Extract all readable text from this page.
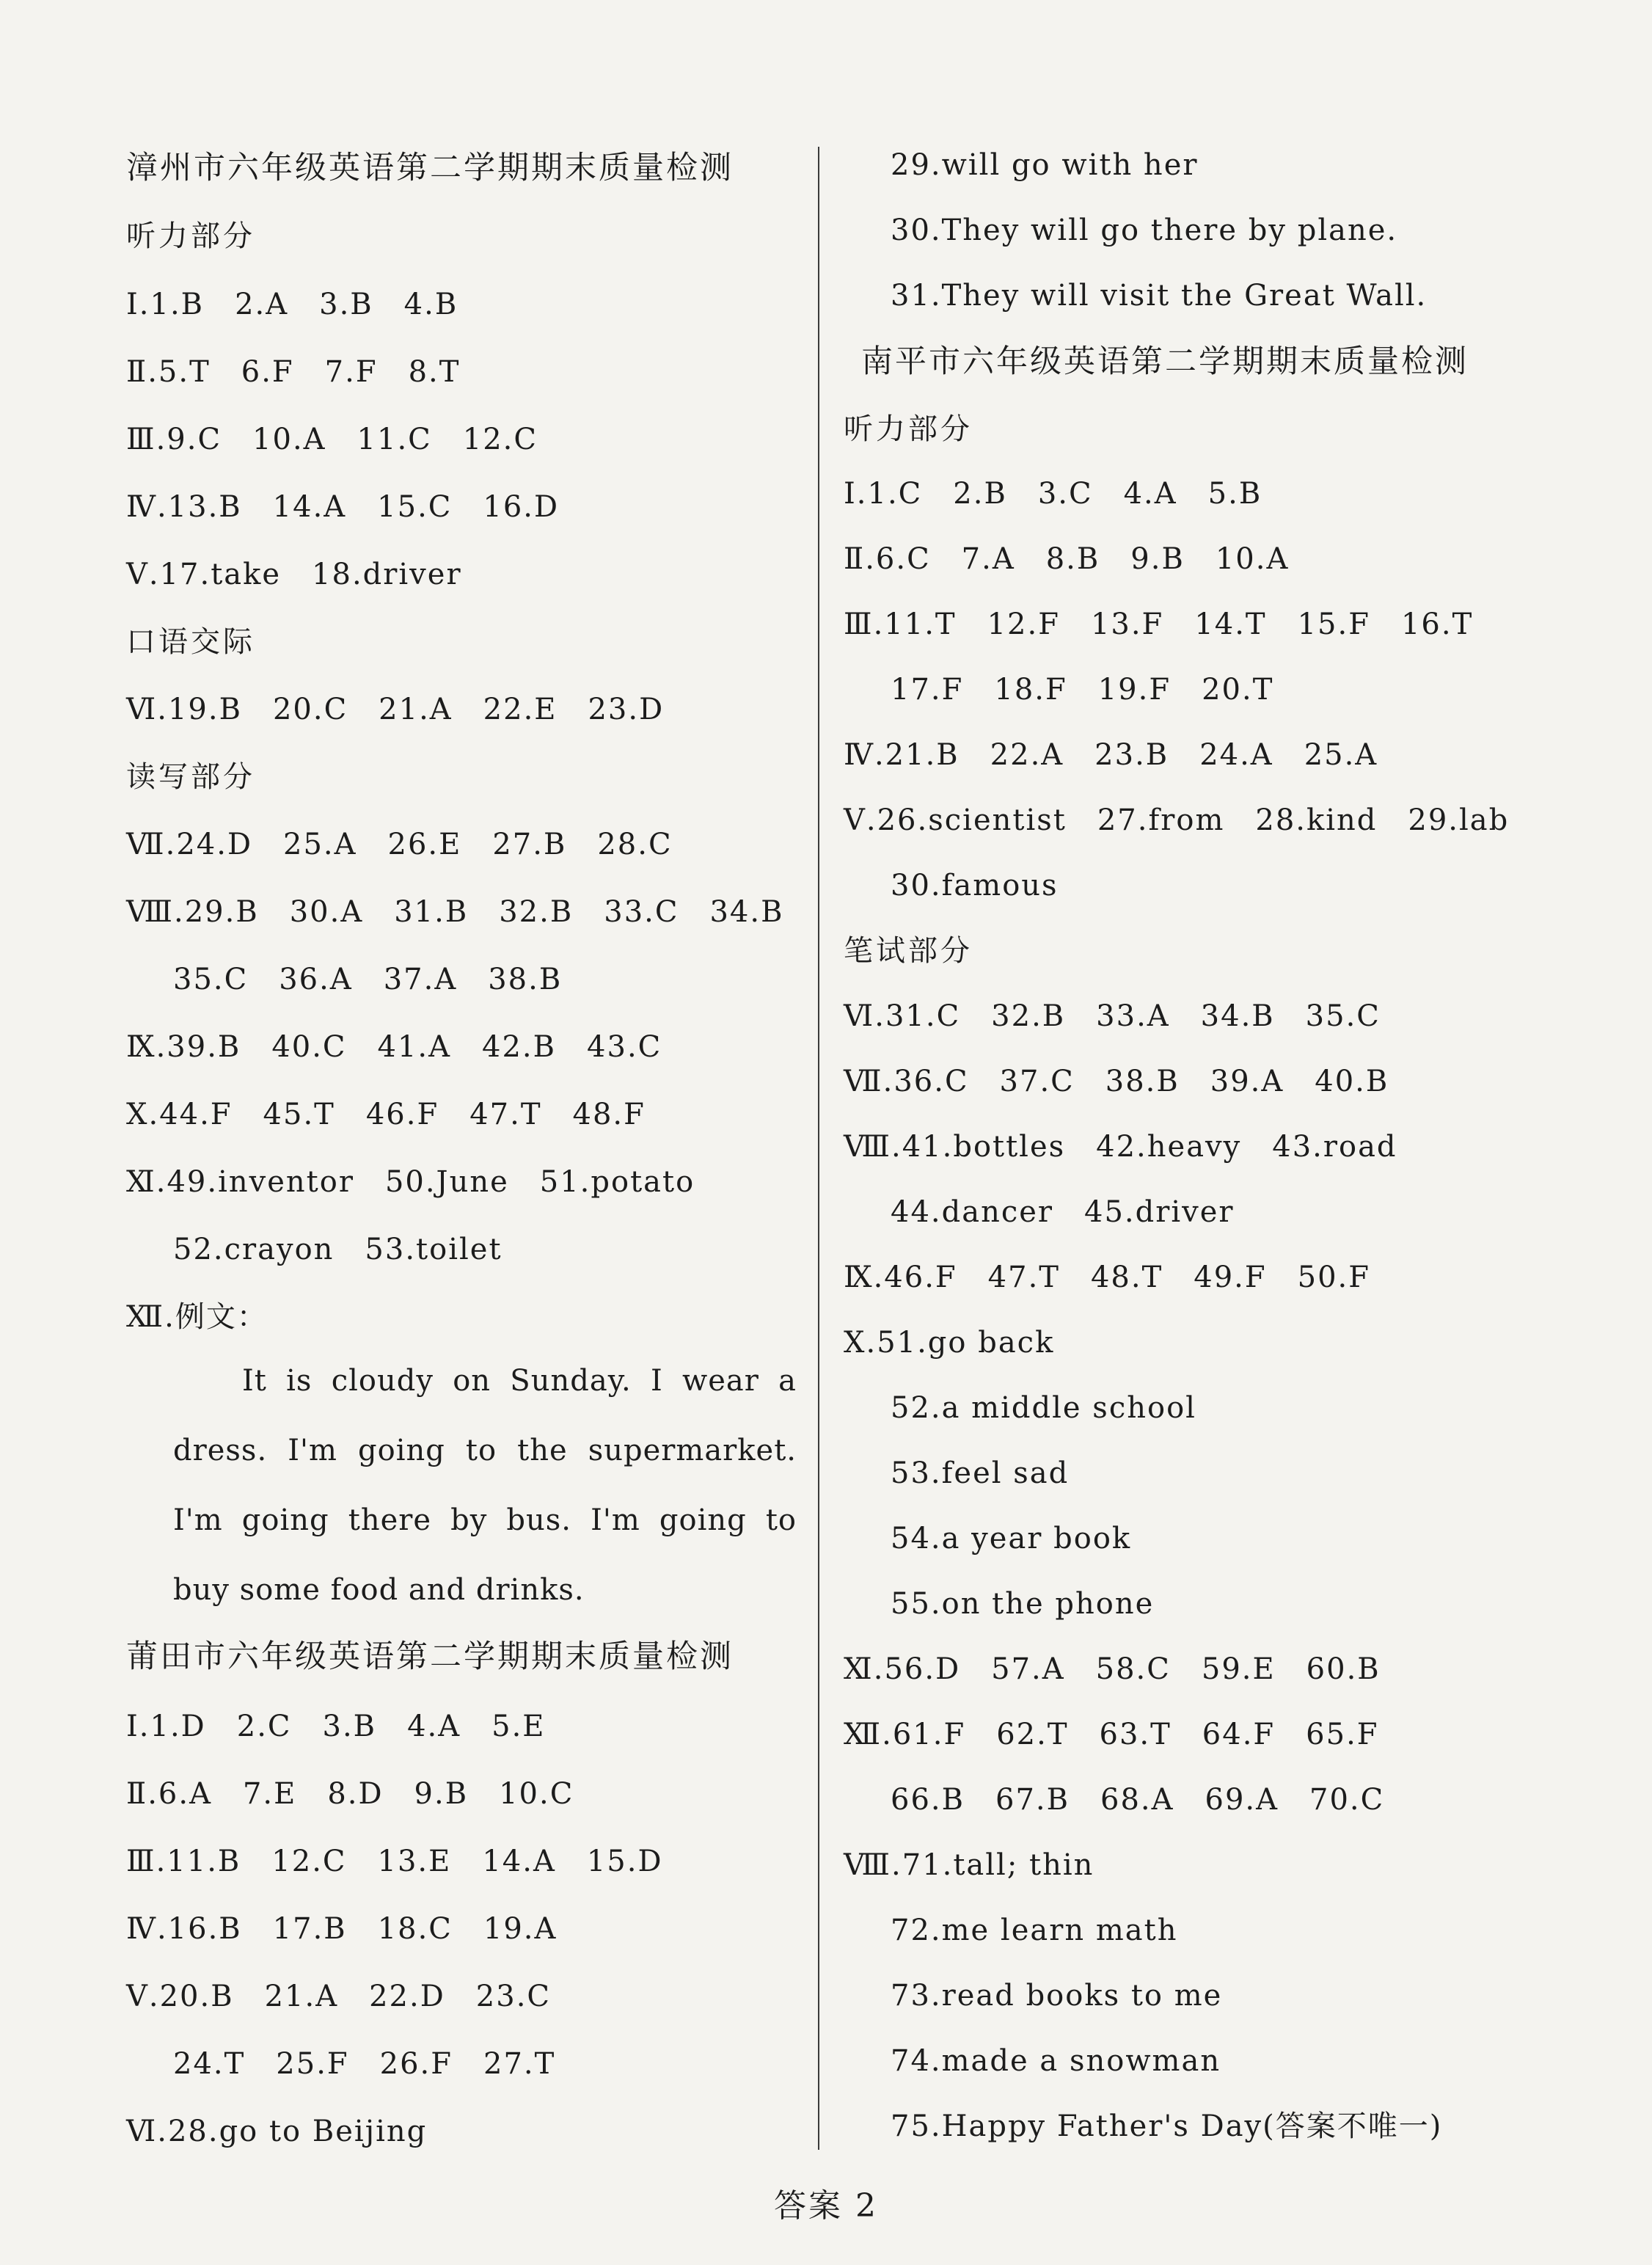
漳州市六年级英语第二学期期末质量检测
听力部分
Ⅰ.1.B　2.A　3.B　4.B
Ⅱ.5.T　6.F　7.F　8.T
Ⅲ.9.C　10.A　11.C　12.C
Ⅳ.13.B　14.A　15.C　16.D
Ⅴ.17.take　18.driver
口语交际
Ⅵ.19.B　20.C　21.A　22.E　23.D
读写部分
Ⅶ.24.D　25.A　26.E　27.B　28.C
Ⅷ.29.B　30.A　31.B　32.B　33.C　34.B
35.C　36.A　37.A　38.B
Ⅸ.39.B　40.C　41.A　42.B　43.C
Ⅹ.44.F　45.T　46.F　47.T　48.F
Ⅺ.49.inventor　50.June　51.potato
52.crayon　53.toilet
Ⅻ.例文：
It is cloudy on Sunday. I wear a dress. I'm going to the supermarket. I'm going there by bus. I'm going to buy some food and drinks.
莆田市六年级英语第二学期期末质量检测
Ⅰ.1.D　2.C　3.B　4.A　5.E
Ⅱ.6.A　7.E　8.D　9.B　10.C
Ⅲ.11.B　12.C　13.E　14.A　15.D
Ⅳ.16.B　17.B　18.C　19.A
Ⅴ.20.B　21.A　22.D　23.C
24.T　25.F　26.F　27.T
Ⅵ.28.go to Beijing
29.will go with her
30.They will go there by plane.
31.They will visit the Great Wall.
南平市六年级英语第二学期期末质量检测
听力部分
Ⅰ.1.C　2.B　3.C　4.A　5.B
Ⅱ.6.C　7.A　8.B　9.B　10.A
Ⅲ.11.T　12.F　13.F　14.T　15.F　16.T
17.F　18.F　19.F　20.T
Ⅳ.21.B　22.A　23.B　24.A　25.A
Ⅴ.26.scientist　27.from　28.kind　29.lab
30.famous
笔试部分
Ⅵ.31.C　32.B　33.A　34.B　35.C
Ⅶ.36.C　37.C　38.B　39.A　40.B
Ⅷ.41.bottles　42.heavy　43.road
44.dancer　45.driver
Ⅸ.46.F　47.T　48.T　49.F　50.F
Ⅹ.51.go back
52.a middle school
53.feel sad
54.a year book
55.on the phone
Ⅺ.56.D　57.A　58.C　59.E　60.B
Ⅻ.61.F　62.T　63.T　64.F　65.F
66.B　67.B　68.A　69.A　70.C
Ⅷ.71.tall; thin
72.me learn math
73.read books to me
74.made a snowman
75.Happy Father's Day(答案不唯一)
答案 2
